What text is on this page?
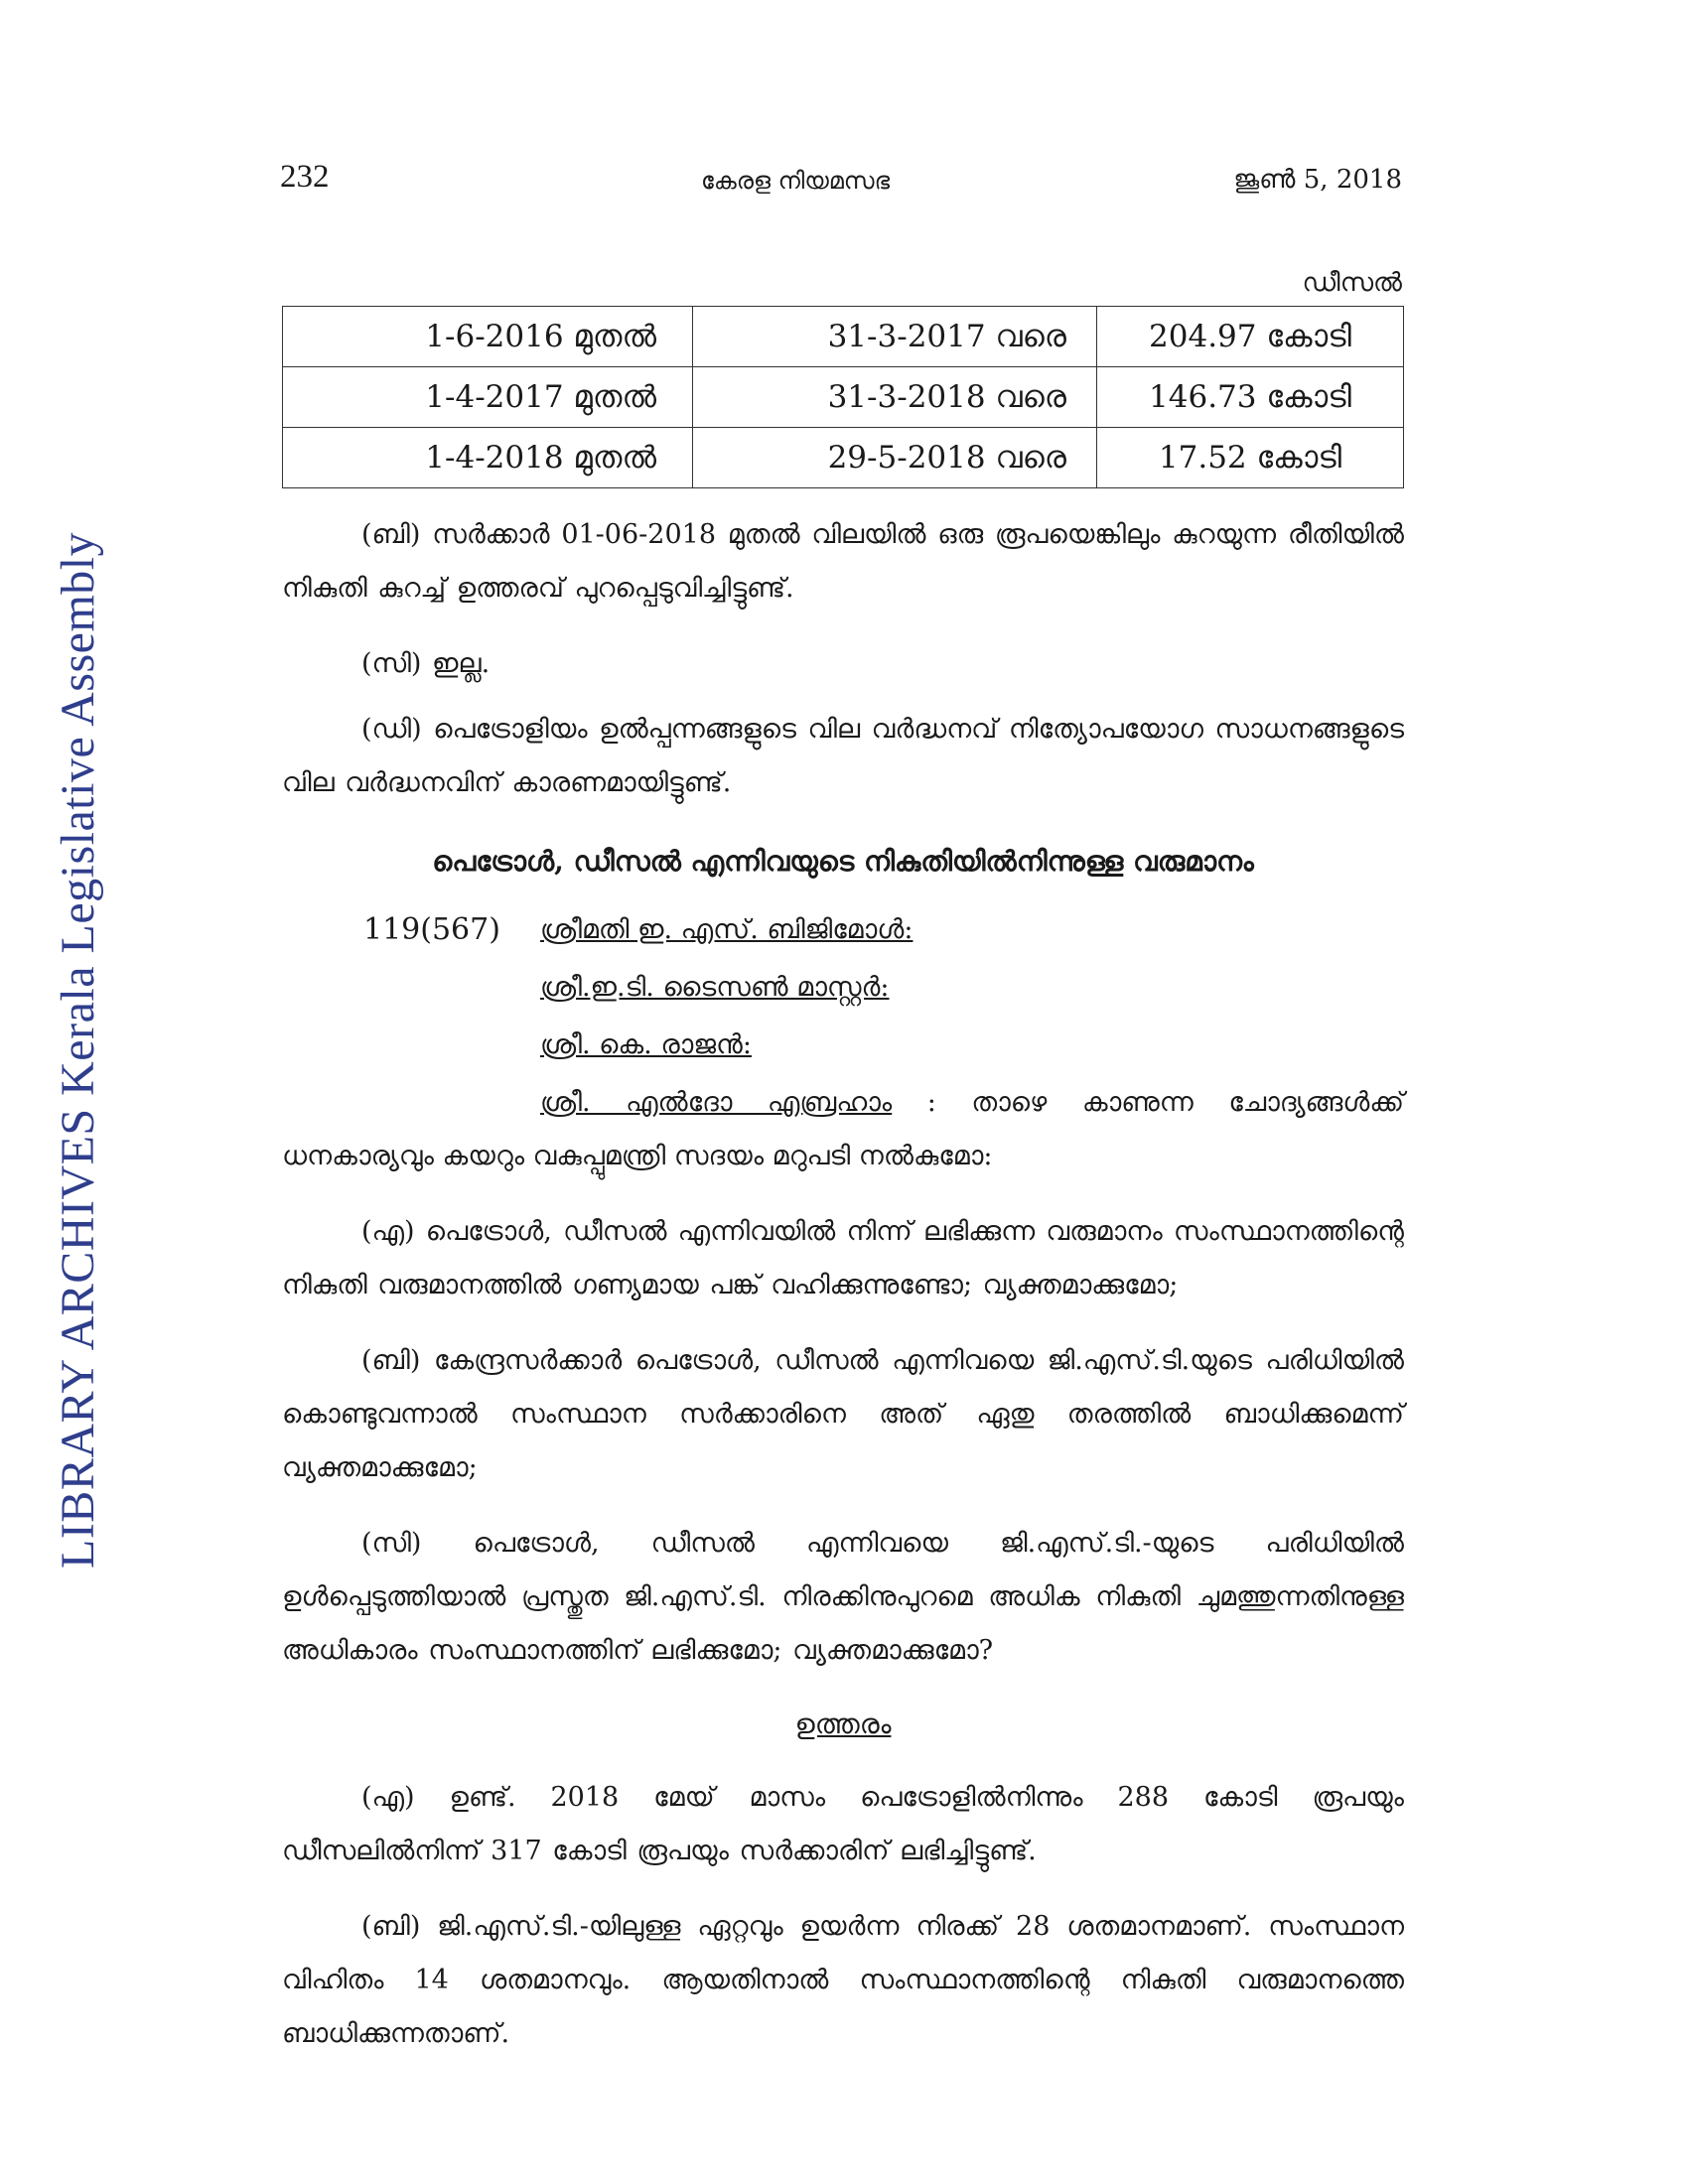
LIBRARY ARCHIVES Kerala Legislative Assembly
232	കേരള നിയമസഭ	ജൂൺ 5, 2018
ഡീസൽ
1-6-2016 മുതൽ	31-3-2017 വരെ	204.97 കോടി
1-4-2017 മുതൽ	31-3-2018 വരെ	146.73 കോടി
1-4-2018 മുതൽ	29-5-2018 വരെ	17.52 കോടി

(ബി) സർക്കാർ 01-06-2018 മുതൽ വിലയിൽ ഒരു രൂപയെങ്കിലും കുറയുന്ന രീതിയിൽ നികുതി കുറച്ച് ഉത്തരവ് പുറപ്പെടുവിച്ചിട്ടുണ്ട്.

(സി) ഇല്ല.

(ഡി) പെട്രോളിയം ഉൽപ്പന്നങ്ങളുടെ വില വർദ്ധനവ് നിത്യോപയോഗ സാധനങ്ങളുടെ വില വർദ്ധനവിന് കാരണമായിട്ടുണ്ട്.

പെട്രോൾ, ഡീസൽ എന്നിവയുടെ നികുതിയിൽനിന്നുള്ള വരുമാനം
119(567) ശ്രീമതി ഇ. എസ്. ബിജിമോൾ:
ശ്രീ.ഇ.ടി. ടൈസൺ മാസ്റ്റർ:
ശ്രീ. കെ. രാജൻ:
ശ്രീ. എൽദോ എബ്രഹാം : താഴെ കാണുന്ന ചോദ്യങ്ങൾക്ക്
ധനകാര്യവും കയറും വകുപ്പുമന്ത്രി സദയം മറുപടി നൽകുമോ:

(എ) പെട്രോൾ, ഡീസൽ എന്നിവയിൽ നിന്ന് ലഭിക്കുന്ന വരുമാനം സംസ്ഥാനത്തിന്റെ നികുതി വരുമാനത്തിൽ ഗണ്യമായ പങ്ക് വഹിക്കുന്നുണ്ടോ; വ്യക്തമാക്കുമോ;

(ബി) കേന്ദ്രസർക്കാർ പെട്രോൾ, ഡീസൽ എന്നിവയെ ജി.എസ്.ടി.യുടെ പരിധിയിൽ കൊണ്ടുവന്നാൽ സംസ്ഥാന സർക്കാരിനെ അത് ഏതു തരത്തിൽ ബാധിക്കുമെന്ന് വ്യക്തമാക്കുമോ;

(സി) പെട്രോൾ, ഡീസൽ എന്നിവയെ ജി.എസ്.ടി.-യുടെ പരിധിയിൽ ഉൾപ്പെടുത്തിയാൽ പ്രസ്തുത ജി.എസ്.ടി. നിരക്കിനുപുറമെ അധിക നികുതി ചുമത്തുന്നതിനുള്ള അധികാരം സംസ്ഥാനത്തിന് ലഭിക്കുമോ; വ്യക്തമാക്കുമോ?

ഉത്തരം

(എ) ഉണ്ട്. 2018 മേയ് മാസം പെട്രോളിൽനിന്നും 288 കോടി രൂപയും ഡീസലിൽനിന്ന് 317 കോടി രൂപയും സർക്കാരിന് ലഭിച്ചിട്ടുണ്ട്.

(ബി) ജി.എസ്.ടി.-യിലുള്ള ഏറ്റവും ഉയർന്ന നിരക്ക് 28 ശതമാനമാണ്. സംസ്ഥാന വിഹിതം 14 ശതമാനവും. ആയതിനാൽ സംസ്ഥാനത്തിന്റെ നികുതി വരുമാനത്തെ ബാധിക്കുന്നതാണ്.
